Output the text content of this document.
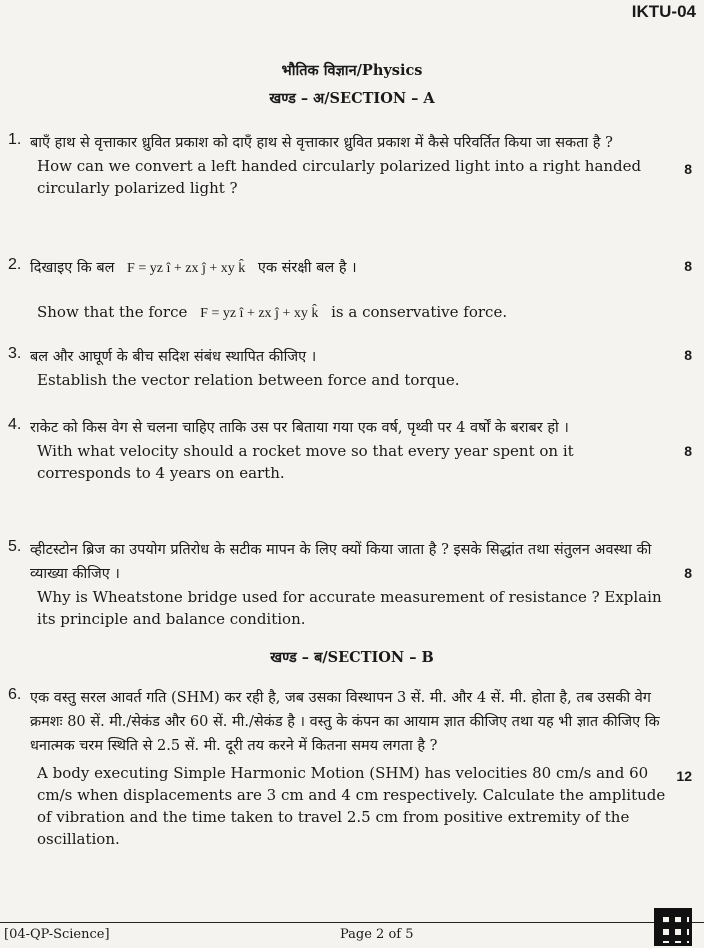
IKTU-04
भौतिक विज्ञान/Physics
खण्ड – अ/SECTION – A
1. बाएँ हाथ से वृत्ताकार ध्रुवित प्रकाश को दाएँ हाथ से वृत्ताकार ध्रुवित प्रकाश में कैसे परिवर्तित किया जा सकता है ?
How can we convert a left handed circularly polarized light into a right handed circularly polarized light ?
8
2. दिखाइए कि बल F = yz î + zx ĵ + xy k̂ एक संरक्षी बल है ।
Show that the force F = yz î + zx ĵ + xy k̂ is a conservative force.
8
3. बल और आघूर्ण के बीच सदिश संबंध स्थापित कीजिए ।
Establish the vector relation between force and torque.
8
4. राकेट को किस वेग से चलना चाहिए ताकि उस पर बिताया गया एक वर्ष, पृथ्वी पर 4 वर्षों के बराबर हो ।
With what velocity should a rocket move so that every year spent on it corresponds to 4 years on earth.
8
5. व्हीटस्टोन ब्रिज का उपयोग प्रतिरोध के सटीक मापन के लिए क्यों किया जाता है ? इसके सिद्धांत तथा संतुलन अवस्था की व्याख्या कीजिए ।
Why is Wheatstone bridge used for accurate measurement of resistance ? Explain its principle and balance condition.
8
खण्ड – ब/SECTION – B
6. एक वस्तु सरल आवर्त गति (SHM) कर रही है, जब उसका विस्थापन 3 सें. मी. और 4 सें. मी. होता है, तब उसकी वेग क्रमशः 80 सें. मी./सेकंड और 60 सें. मी./सेकंड है । वस्तु के कंपन का आयाम ज्ञात कीजिए तथा यह भी ज्ञात कीजिए कि धनात्मक चरम स्थिति से 2.5 सें. मी. दूरी तय करने में कितना समय लगता है ?
A body executing Simple Harmonic Motion (SHM) has velocities 80 cm/s and 60 cm/s when displacements are 3 cm and 4 cm respectively. Calculate the amplitude of vibration and the time taken to travel 2.5 cm from positive extremity of the oscillation.
12
[04-QP-Science]	Page 2 of 5
